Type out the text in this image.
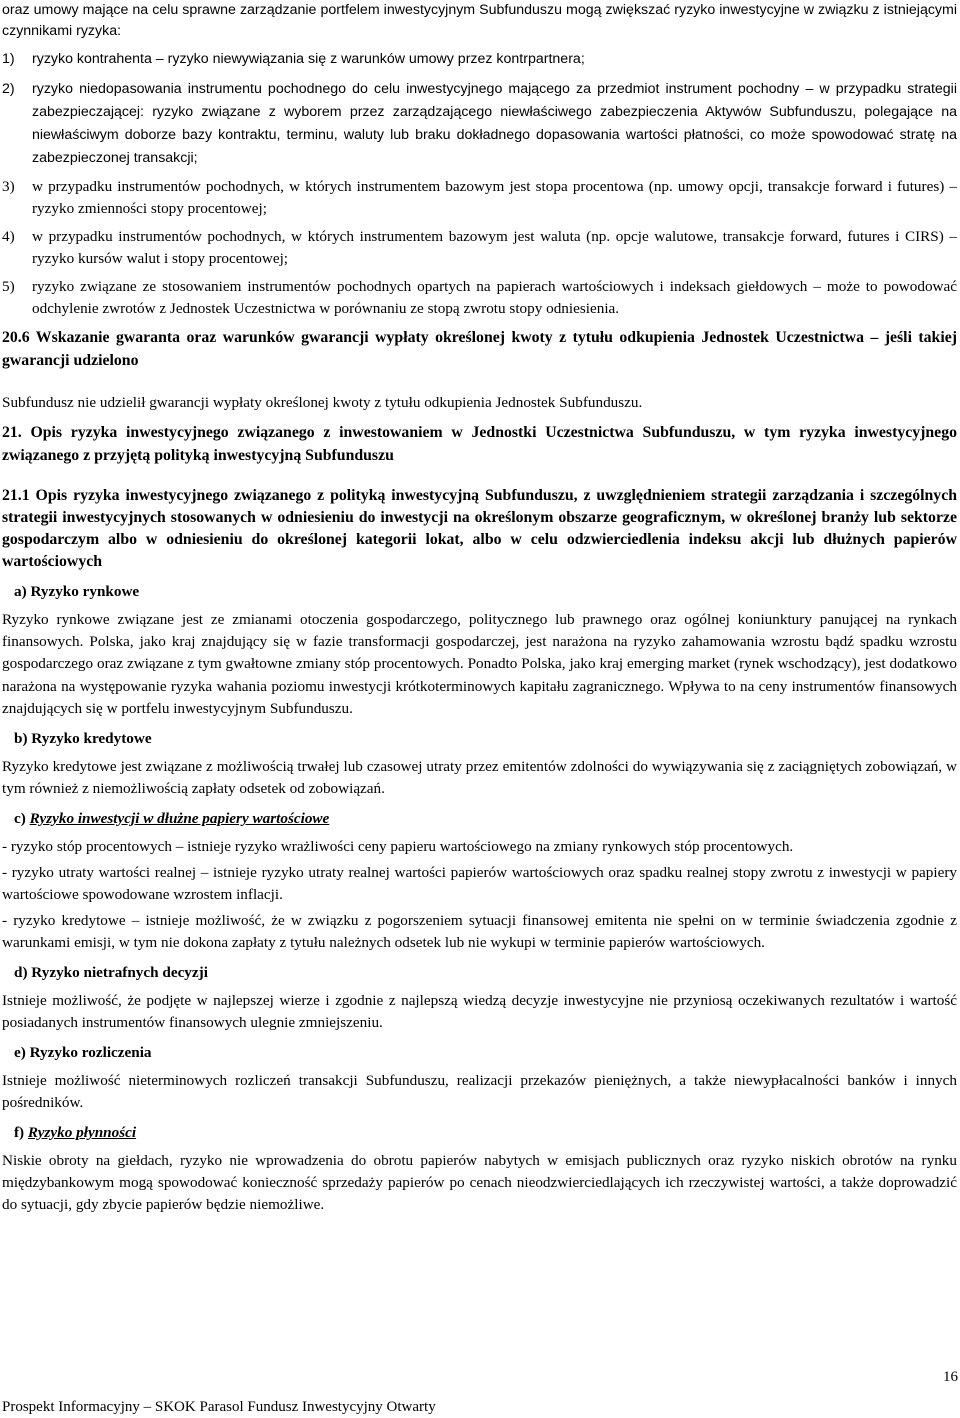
oraz umowy mające na celu sprawne zarządzanie portfelem inwestycyjnym Subfunduszu mogą zwiększać ryzyko inwestycyjne w związku z istniejącymi czynnikami ryzyka:

1)	ryzyko kontrahenta – ryzyko niewywiązania się z warunków umowy przez kontrpartnera;
2)	ryzyko niedopasowania instrumentu pochodnego do celu inwestycyjnego mającego za przedmiot instrument pochodny – w przypadku strategii zabezpieczającej: ryzyko związane z wyborem przez zarządzającego niewłaściwego zabezpieczenia Aktywów Subfunduszu, polegające na niewłaściwym doborze bazy kontraktu, terminu, waluty lub braku dokładnego dopasowania wartości płatności, co może spowodować stratę na zabezpieczonej transakcji;
3)	w przypadku instrumentów pochodnych, w których instrumentem bazowym jest stopa procentowa (np. umowy opcji, transakcje forward i futures) – ryzyko zmienności stopy procentowej;
4)	w przypadku instrumentów pochodnych, w których instrumentem bazowym jest waluta (np. opcje walutowe, transakcje forward, futures i CIRS) – ryzyko kursów walut i stopy procentowej;
5)	ryzyko związane ze stosowaniem instrumentów pochodnych opartych na papierach wartościowych i indeksach giełdowych – może to powodować odchylenie zwrotów z Jednostek Uczestnictwa w porównaniu ze stopą zwrotu stopy odniesienia.

20.6 Wskazanie gwaranta oraz warunków gwarancji wypłaty określonej kwoty z tytułu odkupienia Jednostek Uczestnictwa – jeśli takiej gwarancji udzielono

Subfundusz nie udzielił gwarancji wypłaty określonej kwoty z tytułu odkupienia Jednostek Subfunduszu.

21. Opis ryzyka inwestycyjnego związanego z inwestowaniem w Jednostki Uczestnictwa Subfunduszu, w tym ryzyka inwestycyjnego związanego z przyjętą polityką inwestycyjną Subfunduszu

21.1 Opis ryzyka inwestycyjnego związanego z polityką inwestycyjną Subfunduszu, z uwzględnieniem strategii zarządzania i szczególnych strategii inwestycyjnych stosowanych w odniesieniu do inwestycji na określonym obszarze geograficznym, w określonej branży lub sektorze gospodarczym albo w odniesieniu do określonej kategorii lokat, albo w celu odzwierciedlenia indeksu akcji lub dłużnych papierów wartościowych

a) Ryzyko rynkowe

Ryzyko rynkowe związane jest ze zmianami otoczenia gospodarczego, politycznego lub prawnego oraz ogólnej koniunktury panującej na rynkach finansowych. Polska, jako kraj znajdujący się w fazie transformacji gospodarczej, jest narażona na ryzyko zahamowania wzrostu bądź spadku wzrostu gospodarczego oraz związane z tym gwałtowne zmiany stóp procentowych. Ponadto Polska, jako kraj emerging market (rynek wschodzący), jest dodatkowo narażona na występowanie ryzyka wahania poziomu inwestycji krótkoterminowych kapitału zagranicznego. Wpływa to na ceny instrumentów finansowych znajdujących się w portfelu inwestycyjnym Subfunduszu.

b) Ryzyko kredytowe

Ryzyko kredytowe jest związane z możliwością trwałej lub czasowej utraty przez emitentów zdolności do wywiązywania się z zaciągniętych zobowiązań, w tym również z niemożliwością zapłaty odsetek od zobowiązań.

c) Ryzyko inwestycji w dłużne papiery wartościowe

- ryzyko stóp procentowych – istnieje ryzyko wrażliwości ceny papieru wartościowego na zmiany rynkowych stóp procentowych.

- ryzyko utraty wartości realnej – istnieje ryzyko utraty realnej wartości papierów wartościowych oraz spadku realnej stopy zwrotu z inwestycji w papiery wartościowe spowodowane wzrostem inflacji.

- ryzyko kredytowe – istnieje możliwość, że w związku z pogorszeniem sytuacji finansowej emitenta nie spełni on w terminie świadczenia zgodnie z warunkami emisji, w tym nie dokona zapłaty z tytułu należnych odsetek lub nie wykupi w terminie papierów wartościowych.

d) Ryzyko nietrafnych decyzji

Istnieje możliwość, że podjęte w najlepszej wierze i zgodnie z najlepszą wiedzą decyzje inwestycyjne nie przyniosą oczekiwanych rezultatów i wartość posiadanych instrumentów finansowych ulegnie zmniejszeniu.

e) Ryzyko rozliczenia

Istnieje możliwość nieterminowych rozliczeń transakcji Subfunduszu, realizacji przekazów pieniężnych, a także niewypłacalności banków i innych pośredników.

f) Ryzyko płynności

Niskie obroty na giełdach, ryzyko nie wprowadzenia do obrotu papierów nabytych w emisjach publicznych oraz ryzyko niskich obrotów na rynku międzybankowym mogą spowodować konieczność sprzedaży papierów po cenach nieodzwierciedlających ich rzeczywistej wartości, a także doprowadzić do sytuacji, gdy zbycie papierów będzie niemożliwe.

16
Prospekt Informacyjny – SKOK Parasol Fundusz Inwestycyjny Otwarty
